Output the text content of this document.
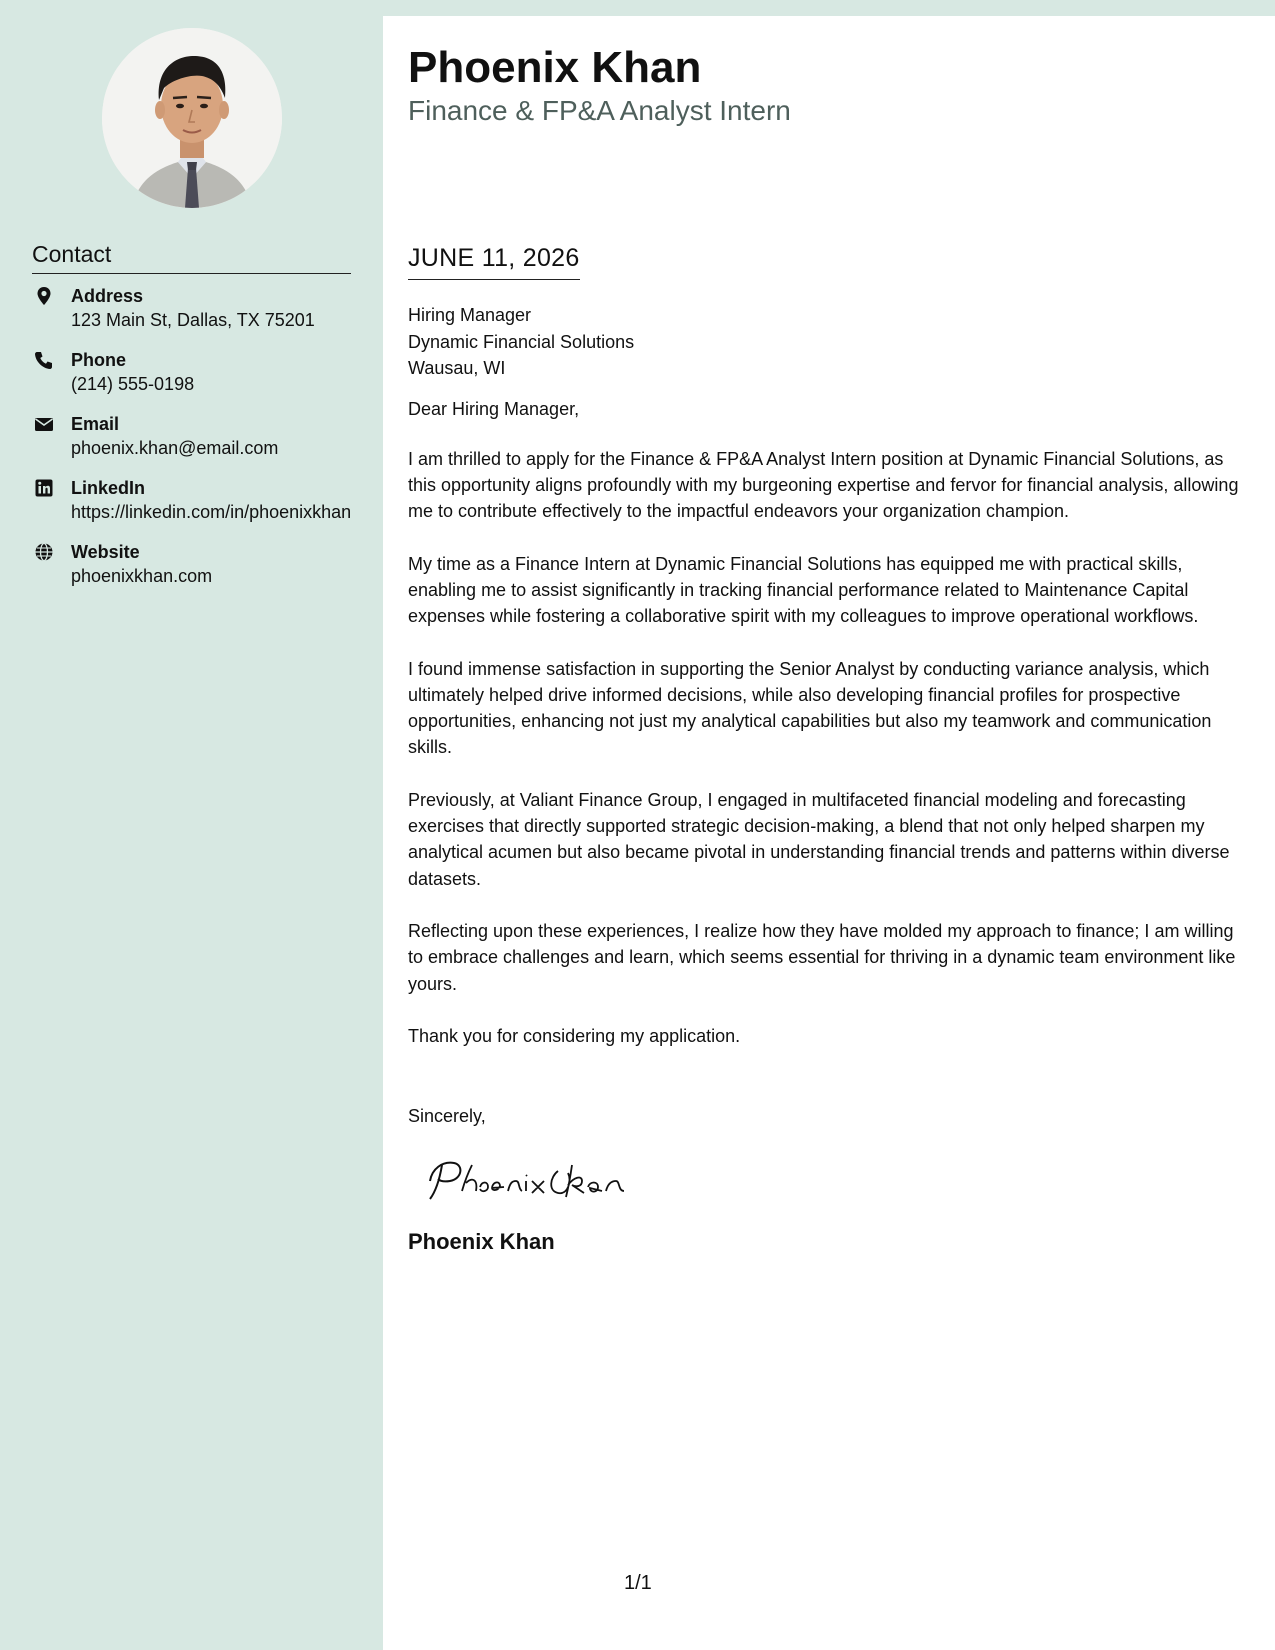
Contact
Address
123 Main St, Dallas, TX 75201
Phone
(214) 555-0198
Email
phoenix.khan@email.com
LinkedIn
https://linkedin.com/in/phoenixkhan
Website
phoenixkhan.com
Phoenix Khan
Finance & FP&A Analyst Intern
JUNE 11, 2026
Hiring Manager
Dynamic Financial Solutions
Wausau, WI
Dear Hiring Manager,

I am thrilled to apply for the Finance & FP&A Analyst Intern position at Dynamic Financial Solutions, as this opportunity aligns profoundly with my burgeoning expertise and fervor for financial analysis, allowing me to contribute effectively to the impactful endeavors your organization champion.

My time as a Finance Intern at Dynamic Financial Solutions has equipped me with practical skills, enabling me to assist significantly in tracking financial performance related to Maintenance Capital expenses while fostering a collaborative spirit with my colleagues to improve operational workflows.

I found immense satisfaction in supporting the Senior Analyst by conducting variance analysis, which ultimately helped drive informed decisions, while also developing financial profiles for prospective opportunities, enhancing not just my analytical capabilities but also my teamwork and communication skills.

Previously, at Valiant Finance Group, I engaged in multifaceted financial modeling and forecasting exercises that directly supported strategic decision-making, a blend that not only helped sharpen my analytical acumen but also became pivotal in understanding financial trends and patterns within diverse datasets.

Reflecting upon these experiences, I realize how they have molded my approach to finance; I am willing to embrace challenges and learn, which seems essential for thriving in a dynamic team environment like yours.

Thank you for considering my application.

Sincerely,
Phoenix Khan
1/1
